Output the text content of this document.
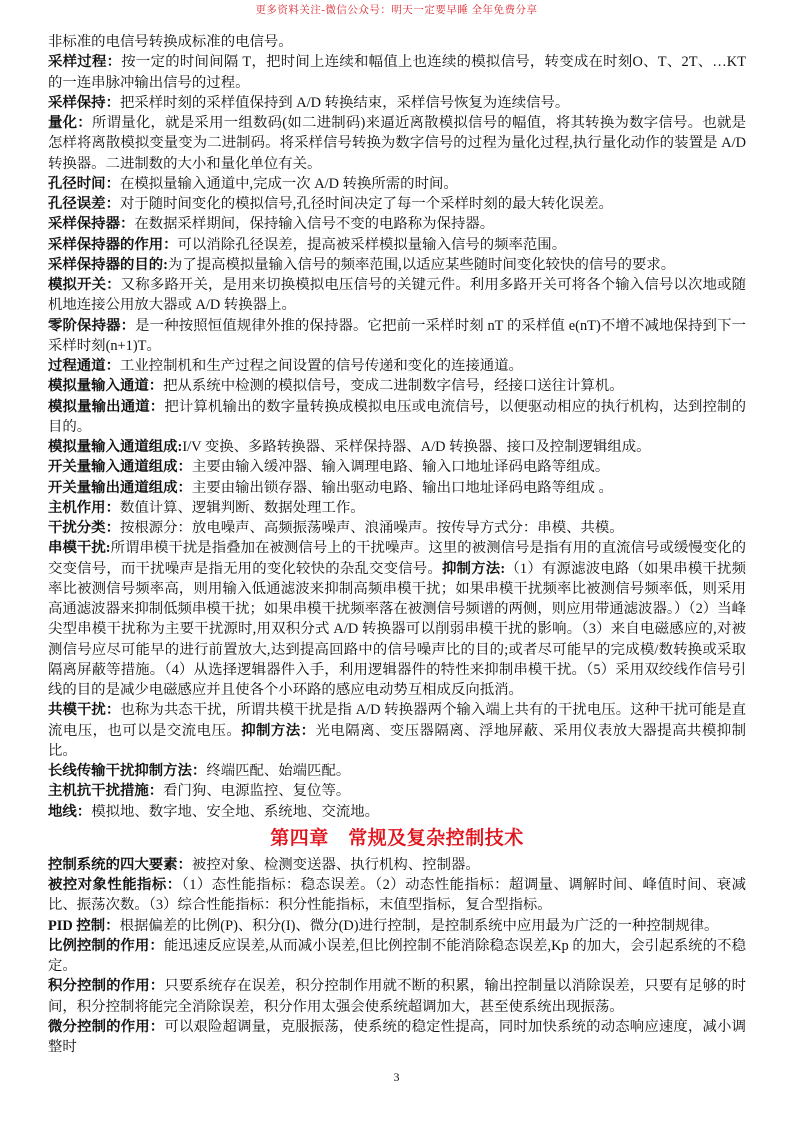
更多资料关注-微信公众号：明天一定要早睡 全年免费分享

非标准的电信号转换成标准的电信号。

采样过程：按一定的时间间隔 T，把时间上连续和幅值上也连续的模拟信号，转变成在时刻O、T、2T、…KT 的一连串脉冲输出信号的过程。

采样保持：把采样时刻的采样值保持到 A/D 转换结束，采样信号恢复为连续信号。

量化：所谓量化，就是采用一组数码(如二进制码)来逼近离散模拟信号的幅值，将其转换为数字信号。也就是怎样将离散模拟变量变为二进制码。将采样信号转换为数字信号的过程为量化过程,执行量化动作的装置是 A/D 转换器。二进制数的大小和量化单位有关。

孔径时间：在模拟量输入通道中,完成一次 A/D 转换所需的时间。

孔径误差：对于随时间变化的模拟信号,孔径时间决定了每一个采样时刻的最大转化误差。

采样保持器：在数据采样期间，保持输入信号不变的电路称为保持器。

采样保持器的作用：可以消除孔径误差，提高被采样模拟量输入信号的频率范围。

采样保持器的目的:为了提高模拟量输入信号的频率范围,以适应某些随时间变化较快的信号的要求。

模拟开关：又称多路开关，是用来切换模拟电压信号的关键元件。利用多路开关可将各个输入信号以次地或随机地连接公用放大器或 A/D 转换器上。

零阶保持器：是一种按照恒值规律外推的保持器。它把前一采样时刻 nT 的采样值 e(nT)不增不减地保持到下一采样时刻(n+1)T。

过程通道：工业控制机和生产过程之间设置的信号传递和变化的连接通道。

模拟量输入通道：把从系统中检测的模拟信号，变成二进制数字信号，经接口送往计算机。

模拟量输出通道：把计算机输出的数字量转换成模拟电压或电流信号，以便驱动相应的执行机构，达到控制的目的。

模拟量输入通道组成:I/V 变换、多路转换器、采样保持器、A/D 转换器、接口及控制逻辑组成。

开关量输入通道组成：主要由输入缓冲器、输入调理电路、输入口地址译码电路等组成。

开关量输出通道组成：主要由输出锁存器、输出驱动电路、输出口地址译码电路等组成 。

主机作用：数值计算、逻辑判断、数据处理工作。

干扰分类：按根源分：放电噪声、高频振荡噪声、浪涌噪声。按传导方式分：串模、共模。

串模干扰:所谓串模干扰是指叠加在被测信号上的干扰噪声。这里的被测信号是指有用的直流信号或缓慢变化的交变信号，而干扰噪声是指无用的变化较快的杂乱交变信号。抑制方法:（1）有源滤波电路（如果串模干扰频率比被测信号频率高，则用输入低通滤波来抑制高频串模干扰；如果串模干扰频率比被测信号频率低，则采用高通滤波器来抑制低频串模干扰；如果串模干扰频率落在被测信号频谱的两侧，则应用带通滤波器。）（2）当峰尖型串模干扰称为主要干扰源时,用双积分式 A/D 转换器可以削弱串模干扰的影响。（3）来自电磁感应的,对被测信号应尽可能早的进行前置放大,达到提高回路中的信号噪声比的目的;或者尽可能早的完成模/数转换或采取隔离屏蔽等措施。（4）从选择逻辑器件入手，利用逻辑器件的特性来抑制串模干扰。（5）采用双绞线作信号引线的目的是减少电磁感应并且使各个小环路的感应电动势互相成反向抵消。

共模干扰：也称为共态干扰，所谓共模干扰是指 A/D 转换器两个输入端上共有的干扰电压。这种干扰可能是直流电压，也可以是交流电压。抑制方法：光电隔离、变压器隔离、浮地屏蔽、采用仪表放大器提高共模抑制比。

长线传输干扰抑制方法：终端匹配、始端匹配。

主机抗干扰措施：看门狗、电源监控、复位等。

地线：模拟地、数字地、安全地、系统地、交流地。

第四章　常规及复杂控制技术

控制系统的四大要素：被控对象、检测变送器、执行机构、控制器。

被控对象性能指标：（1）态性能指标：稳态误差。（2）动态性能指标：超调量、调解时间、峰值时间、衰减比、振荡次数。（3）综合性能指标：积分性能指标，末值型指标，复合型指标。

PID 控制：根据偏差的比例(P)、积分(I)、微分(D)进行控制，是控制系统中应用最为广泛的一种控制规律。

比例控制的作用：能迅速反应误差,从而减小误差,但比例控制不能消除稳态误差,Kp 的加大，会引起系统的不稳定。

积分控制的作用：只要系统存在误差，积分控制作用就不断的积累，输出控制量以消除误差，只要有足够的时间，积分控制将能完全消除误差，积分作用太强会使系统超调加大，甚至使系统出现振荡。

微分控制的作用：可以艰险超调量，克服振荡，使系统的稳定性提高，同时加快系统的动态响应速度，减小调整时

3
